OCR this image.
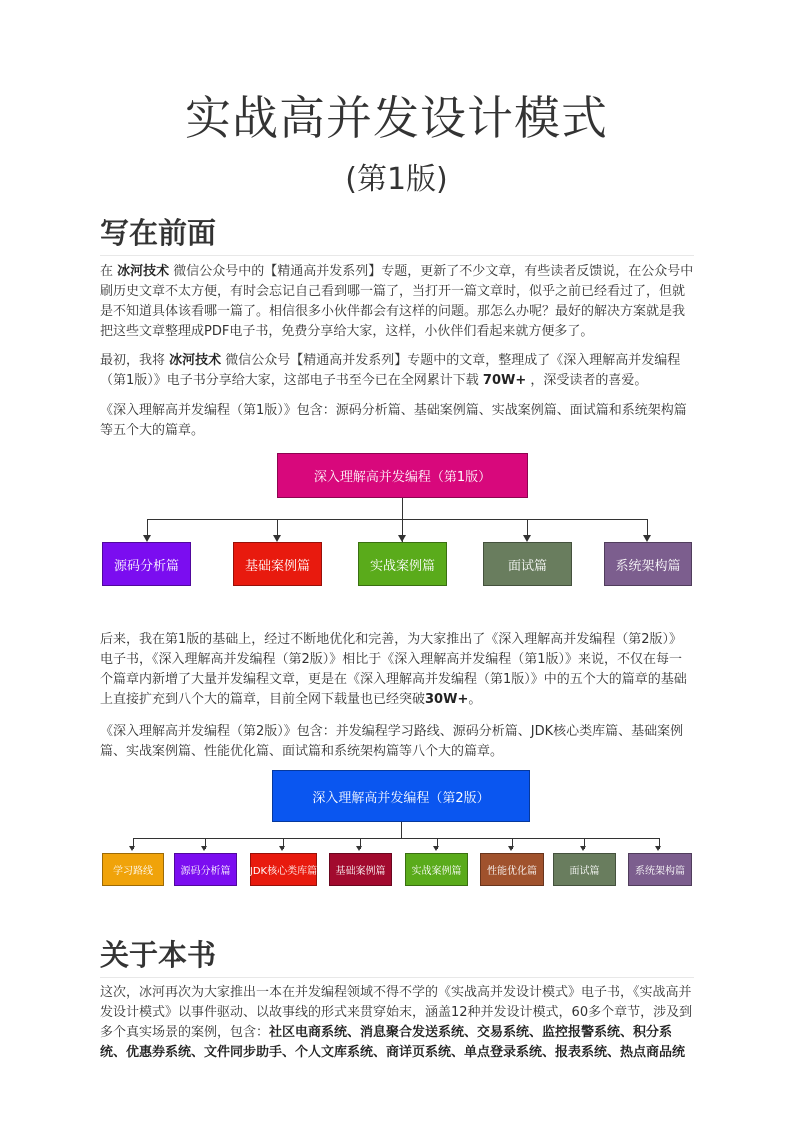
实战高并发设计模式
(第1版)
写在前面

在 冰河技术 微信公众号中的【精通高并发系列】专题，更新了不少文章，有些读者反馈说，在公众号中刷历史文章不太方便，有时会忘记自己看到哪一篇了，当打开一篇文章时，似乎之前已经看过了，但就是不知道具体该看哪一篇了。相信很多小伙伴都会有这样的问题。那怎么办呢？最好的解决方案就是我把这些文章整理成PDF电子书，免费分享给大家，这样，小伙伴们看起来就方便多了。

最初，我将 冰河技术 微信公众号【精通高并发系列】专题中的文章，整理成了《深入理解高并发编程（第1版）》电子书分享给大家，这部电子书至今已在全网累计下载 70W+ ，深受读者的喜爱。

《深入理解高并发编程（第1版）》包含：源码分析篇、基础案例篇、实战案例篇、面试篇和系统架构篇等五个大的篇章。

深入理解高并发编程（第1版）
源码分析篇	基础案例篇	实战案例篇	面试篇	系统架构篇

后来，我在第1版的基础上，经过不断地优化和完善，为大家推出了《深入理解高并发编程（第2版）》电子书，《深入理解高并发编程（第2版）》相比于《深入理解高并发编程（第1版）》来说，不仅在每一个篇章内新增了大量并发编程文章，更是在《深入理解高并发编程（第1版）》中的五个大的篇章的基础上直接扩充到八个大的篇章，目前全网下载量也已经突破30W+。

《深入理解高并发编程（第2版）》包含：并发编程学习路线、源码分析篇、JDK核心类库篇、基础案例篇、实战案例篇、性能优化篇、面试篇和系统架构篇等八个大的篇章。

深入理解高并发编程（第2版）
学习路线	源码分析篇	JDK核心类库篇	基础案例篇	实战案例篇	性能优化篇	面试篇	系统架构篇
关于本书

这次，冰河再次为大家推出一本在并发编程领域不得不学的《实战高并发设计模式》电子书，《实战高并发设计模式》以事件驱动、以故事线的形式来贯穿始末，涵盖12种并发设计模式，60多个章节，涉及到多个真实场景的案例，包含：社区电商系统、消息聚合发送系统、交易系统、监控报警系统、积分系统、优惠券系统、文件同步助手、个人文库系统、商详页系统、单点登录系统、报表系统、热点商品统
